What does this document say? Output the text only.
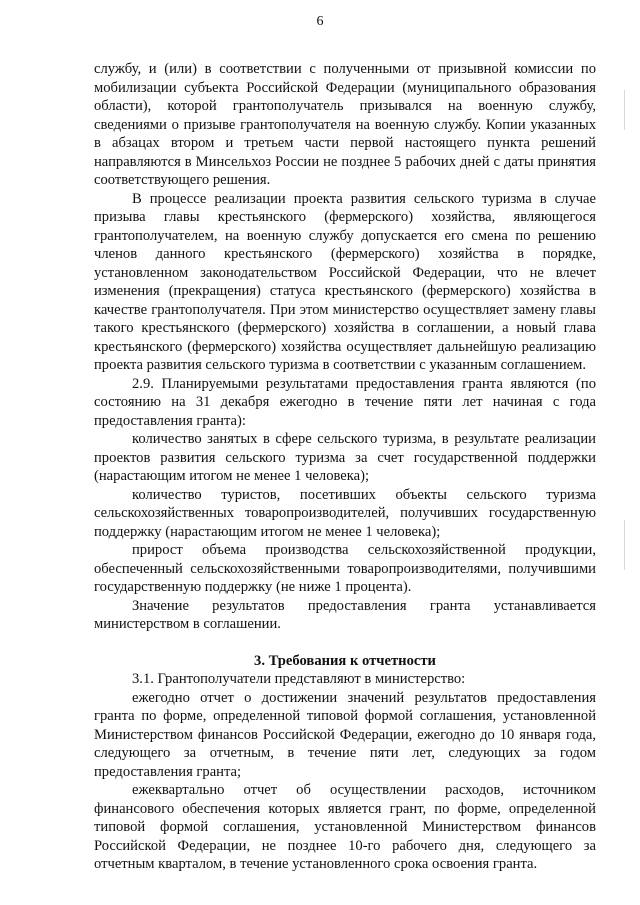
6

службу, и (или) в соответствии с полученными от призывной комиссии по мобилизации субъекта Российской Федерации (муниципального образования области), которой грантополучатель призывался на военную службу, сведениями о призыве грантополучателя на военную службу. Копии указанных в абзацах втором и третьем части первой настоящего пункта решений направляются в Минсельхоз России не позднее 5 рабочих дней с даты принятия соответствующего решения.

В процессе реализации проекта развития сельского туризма в случае призыва главы крестьянского (фермерского) хозяйства, являющегося грантополучателем, на военную службу допускается его смена по решению членов данного крестьянского (фермерского) хозяйства в порядке, установленном законодательством Российской Федерации, что не влечет изменения (прекращения) статуса крестьянского (фермерского) хозяйства в качестве грантополучателя. При этом министерство осуществляет замену главы такого крестьянского (фермерского) хозяйства в соглашении, а новый глава крестьянского (фермерского) хозяйства осуществляет дальнейшую реализацию проекта развития сельского туризма в соответствии с указанным соглашением.

2.9. Планируемыми результатами предоставления гранта являются (по состоянию на 31 декабря ежегодно в течение пяти лет начиная с года предоставления гранта):

количество занятых в сфере сельского туризма, в результате реализации проектов развития сельского туризма за счет государственной поддержки (нарастающим итогом не менее 1 человека);

количество туристов, посетивших объекты сельского туризма сельскохозяйственных товаропроизводителей, получивших государственную поддержку (нарастающим итогом не менее 1 человека);

прирост объема производства сельскохозяйственной продукции, обеспеченный сельскохозяйственными товаропроизводителями, получившими государственную поддержку (не ниже 1 процента).

Значение результатов предоставления гранта устанавливается министерством в соглашении.

3. Требования к отчетности

3.1. Грантополучатели представляют в министерство:

ежегодно отчет о достижении значений результатов предоставления гранта по форме, определенной типовой формой соглашения, установленной Министерством финансов Российской Федерации, ежегодно до 10 января года, следующего за отчетным, в течение пяти лет, следующих за годом предоставления гранта;

ежеквартально отчет об осуществлении расходов, источником финансового обеспечения которых является грант, по форме, определенной типовой формой соглашения, установленной Министерством финансов Российской Федерации, не позднее 10-го рабочего дня, следующего за отчетным кварталом, в течение установленного срока освоения гранта.
